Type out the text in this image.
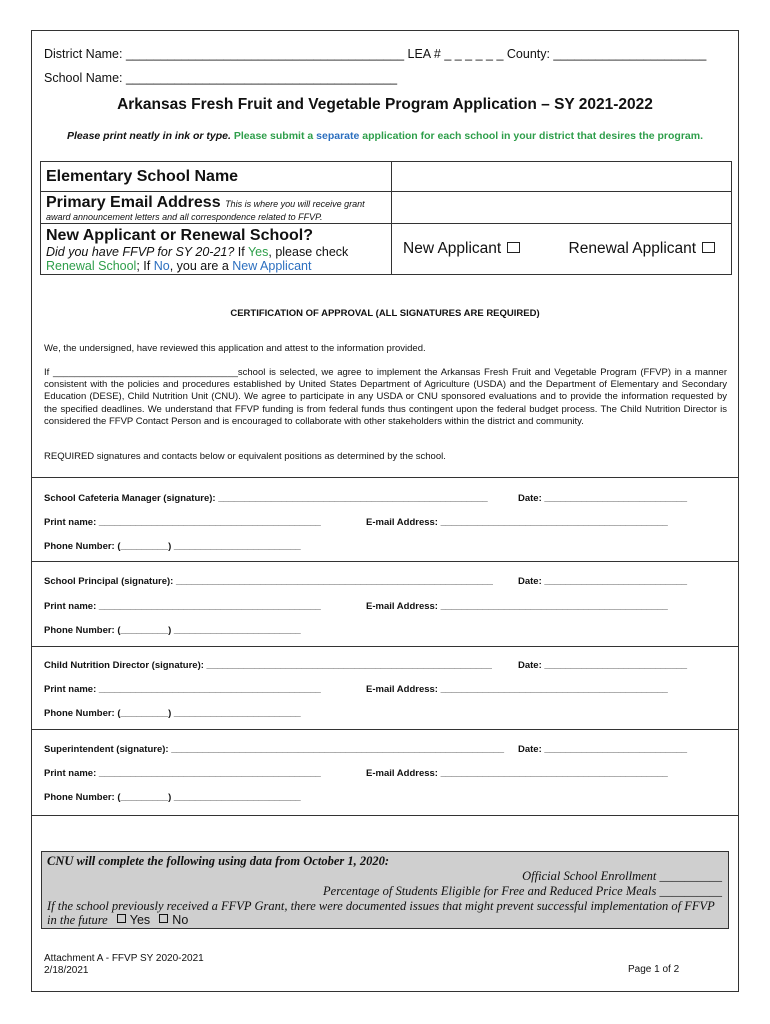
District Name: ________________________________________ LEA # _ _ _ _ _ _ County: ______________________
School Name: _______________________________________
Arkansas Fresh Fruit and Vegetable Program Application – SY 2021-2022
Please print neatly in ink or type. Please submit a separate application for each school in your district that desires the program.
Elementary School Name	

Primary Email Address This is where you will receive grant
award announcement letters and all correspondence related to FFVP.	

New Applicant or Renewal School?
Did you have FFVP for SY 20-21? If Yes, please check
Renewal School; If No, you are a New Applicant	New Applicant Renewal Applicant
CERTIFICATION OF APPROVAL (ALL SIGNATURES ARE REQUIRED)
We, the undersigned, have reviewed this application and attest to the information provided.
If ___________________________________school is selected, we agree to implement the Arkansas Fresh Fruit and Vegetable Program (FFVP) in a manner consistent with the policies and procedures established by United States Department of Agriculture (USDA) and the Department of Elementary and Secondary Education (DESE), Child Nutrition Unit (CNU). We agree to participate in any USDA or CNU sponsored evaluations and to provide the information requested by the specified deadlines. We understand that FFVP funding is from federal funds thus contingent upon the federal budget process. The Child Nutrition Director is considered the FFVP Contact Person and is encouraged to collaborate with other stakeholders within the district and community.
REQUIRED signatures and contacts below or equivalent positions as determined by the school.
School Cafeteria Manager (signature): ___________________________________________________	Date: ___________________________
Print name: __________________________________________	E-mail Address: ___________________________________________
Phone Number: (_________) ________________________
School Principal (signature): ____________________________________________________________	Date: ___________________________
Print name: __________________________________________	E-mail Address: ___________________________________________
Phone Number: (_________) ________________________
Child Nutrition Director (signature): ______________________________________________________	Date: ___________________________
Print name: __________________________________________	E-mail Address: ___________________________________________
Phone Number: (_________) ________________________
Superintendent (signature): _______________________________________________________________ Date: ___________________________
Print name: __________________________________________	E-mail Address: ___________________________________________
Phone Number: (_________) ________________________
CNU will complete the following using data from October 1, 2020:
Official School Enrollment __________
Percentage of Students Eligible for Free and Reduced Price Meals __________
If the school previously received a FFVP Grant, there were documented issues that might prevent successful implementation of FFVP
in the future Yes No
Attachment A - FFVP SY 2020-2021
2/18/2021	Page 1 of 2
